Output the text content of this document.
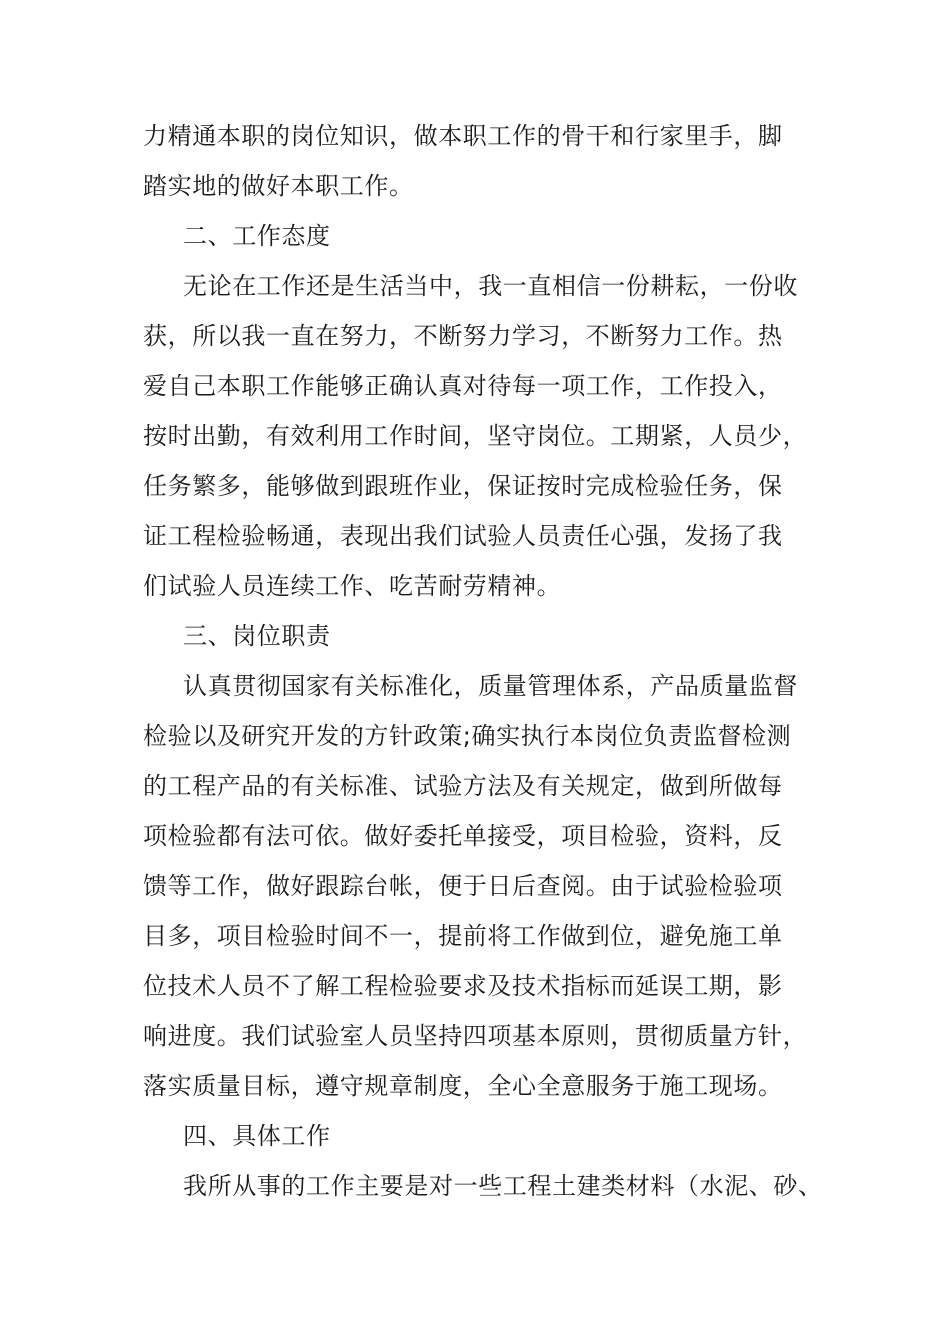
力精通本职的岗位知识，做本职工作的骨干和行家里手，脚
踏实地的做好本职工作。
二、工作态度
无论在工作还是生活当中，我一直相信一份耕耘，一份收
获，所以我一直在努力，不断努力学习，不断努力工作。热
爱自己本职工作能够正确认真对待每一项工作，工作投入，
按时出勤，有效利用工作时间，坚守岗位。工期紧，人员少，
任务繁多，能够做到跟班作业，保证按时完成检验任务，保
证工程检验畅通，表现出我们试验人员责任心强，发扬了我
们试验人员连续工作、吃苦耐劳精神。
三、岗位职责
认真贯彻国家有关标准化，质量管理体系，产品质量监督
检验以及研究开发的方针政策;确实执行本岗位负责监督检测
的工程产品的有关标准、试验方法及有关规定，做到所做每
项检验都有法可依。做好委托单接受，项目检验，资料，反
馈等工作，做好跟踪台帐，便于日后查阅。由于试验检验项
目多，项目检验时间不一，提前将工作做到位，避免施工单
位技术人员不了解工程检验要求及技术指标而延误工期，影
响进度。我们试验室人员坚持四项基本原则，贯彻质量方针，
落实质量目标，遵守规章制度，全心全意服务于施工现场。
四、具体工作
我所从事的工作主要是对一些工程土建类材料（水泥、砂、
